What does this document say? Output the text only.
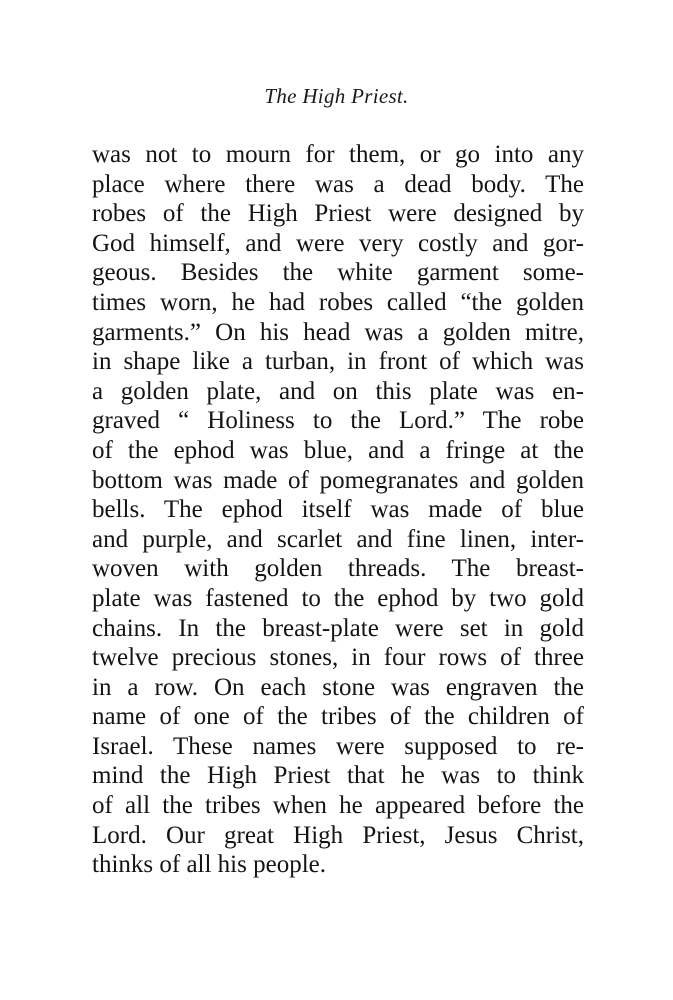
The High Priest.
was not to mourn for them, or go into any
place where there was a dead body. The
robes of the High Priest were designed by
God himself, and were very costly and gor-
geous. Besides the white garment some-
times worn, he had robes called “the golden
garments.” On his head was a golden mitre,
in shape like a turban, in front of which was
a golden plate, and on this plate was en-
graved “ Holiness to the Lord.” The robe
of the ephod was blue, and a fringe at the
bottom was made of pomegranates and golden
bells. The ephod itself was made of blue
and purple, and scarlet and fine linen, inter-
woven with golden threads. The breast-
plate was fastened to the ephod by two gold
chains. In the breast-plate were set in gold
twelve precious stones, in four rows of three
in a row. On each stone was engraven the
name of one of the tribes of the children of
Israel. These names were supposed to re-
mind the High Priest that he was to think
of all the tribes when he appeared before the
Lord. Our great High Priest, Jesus Christ,
thinks of all his people.
